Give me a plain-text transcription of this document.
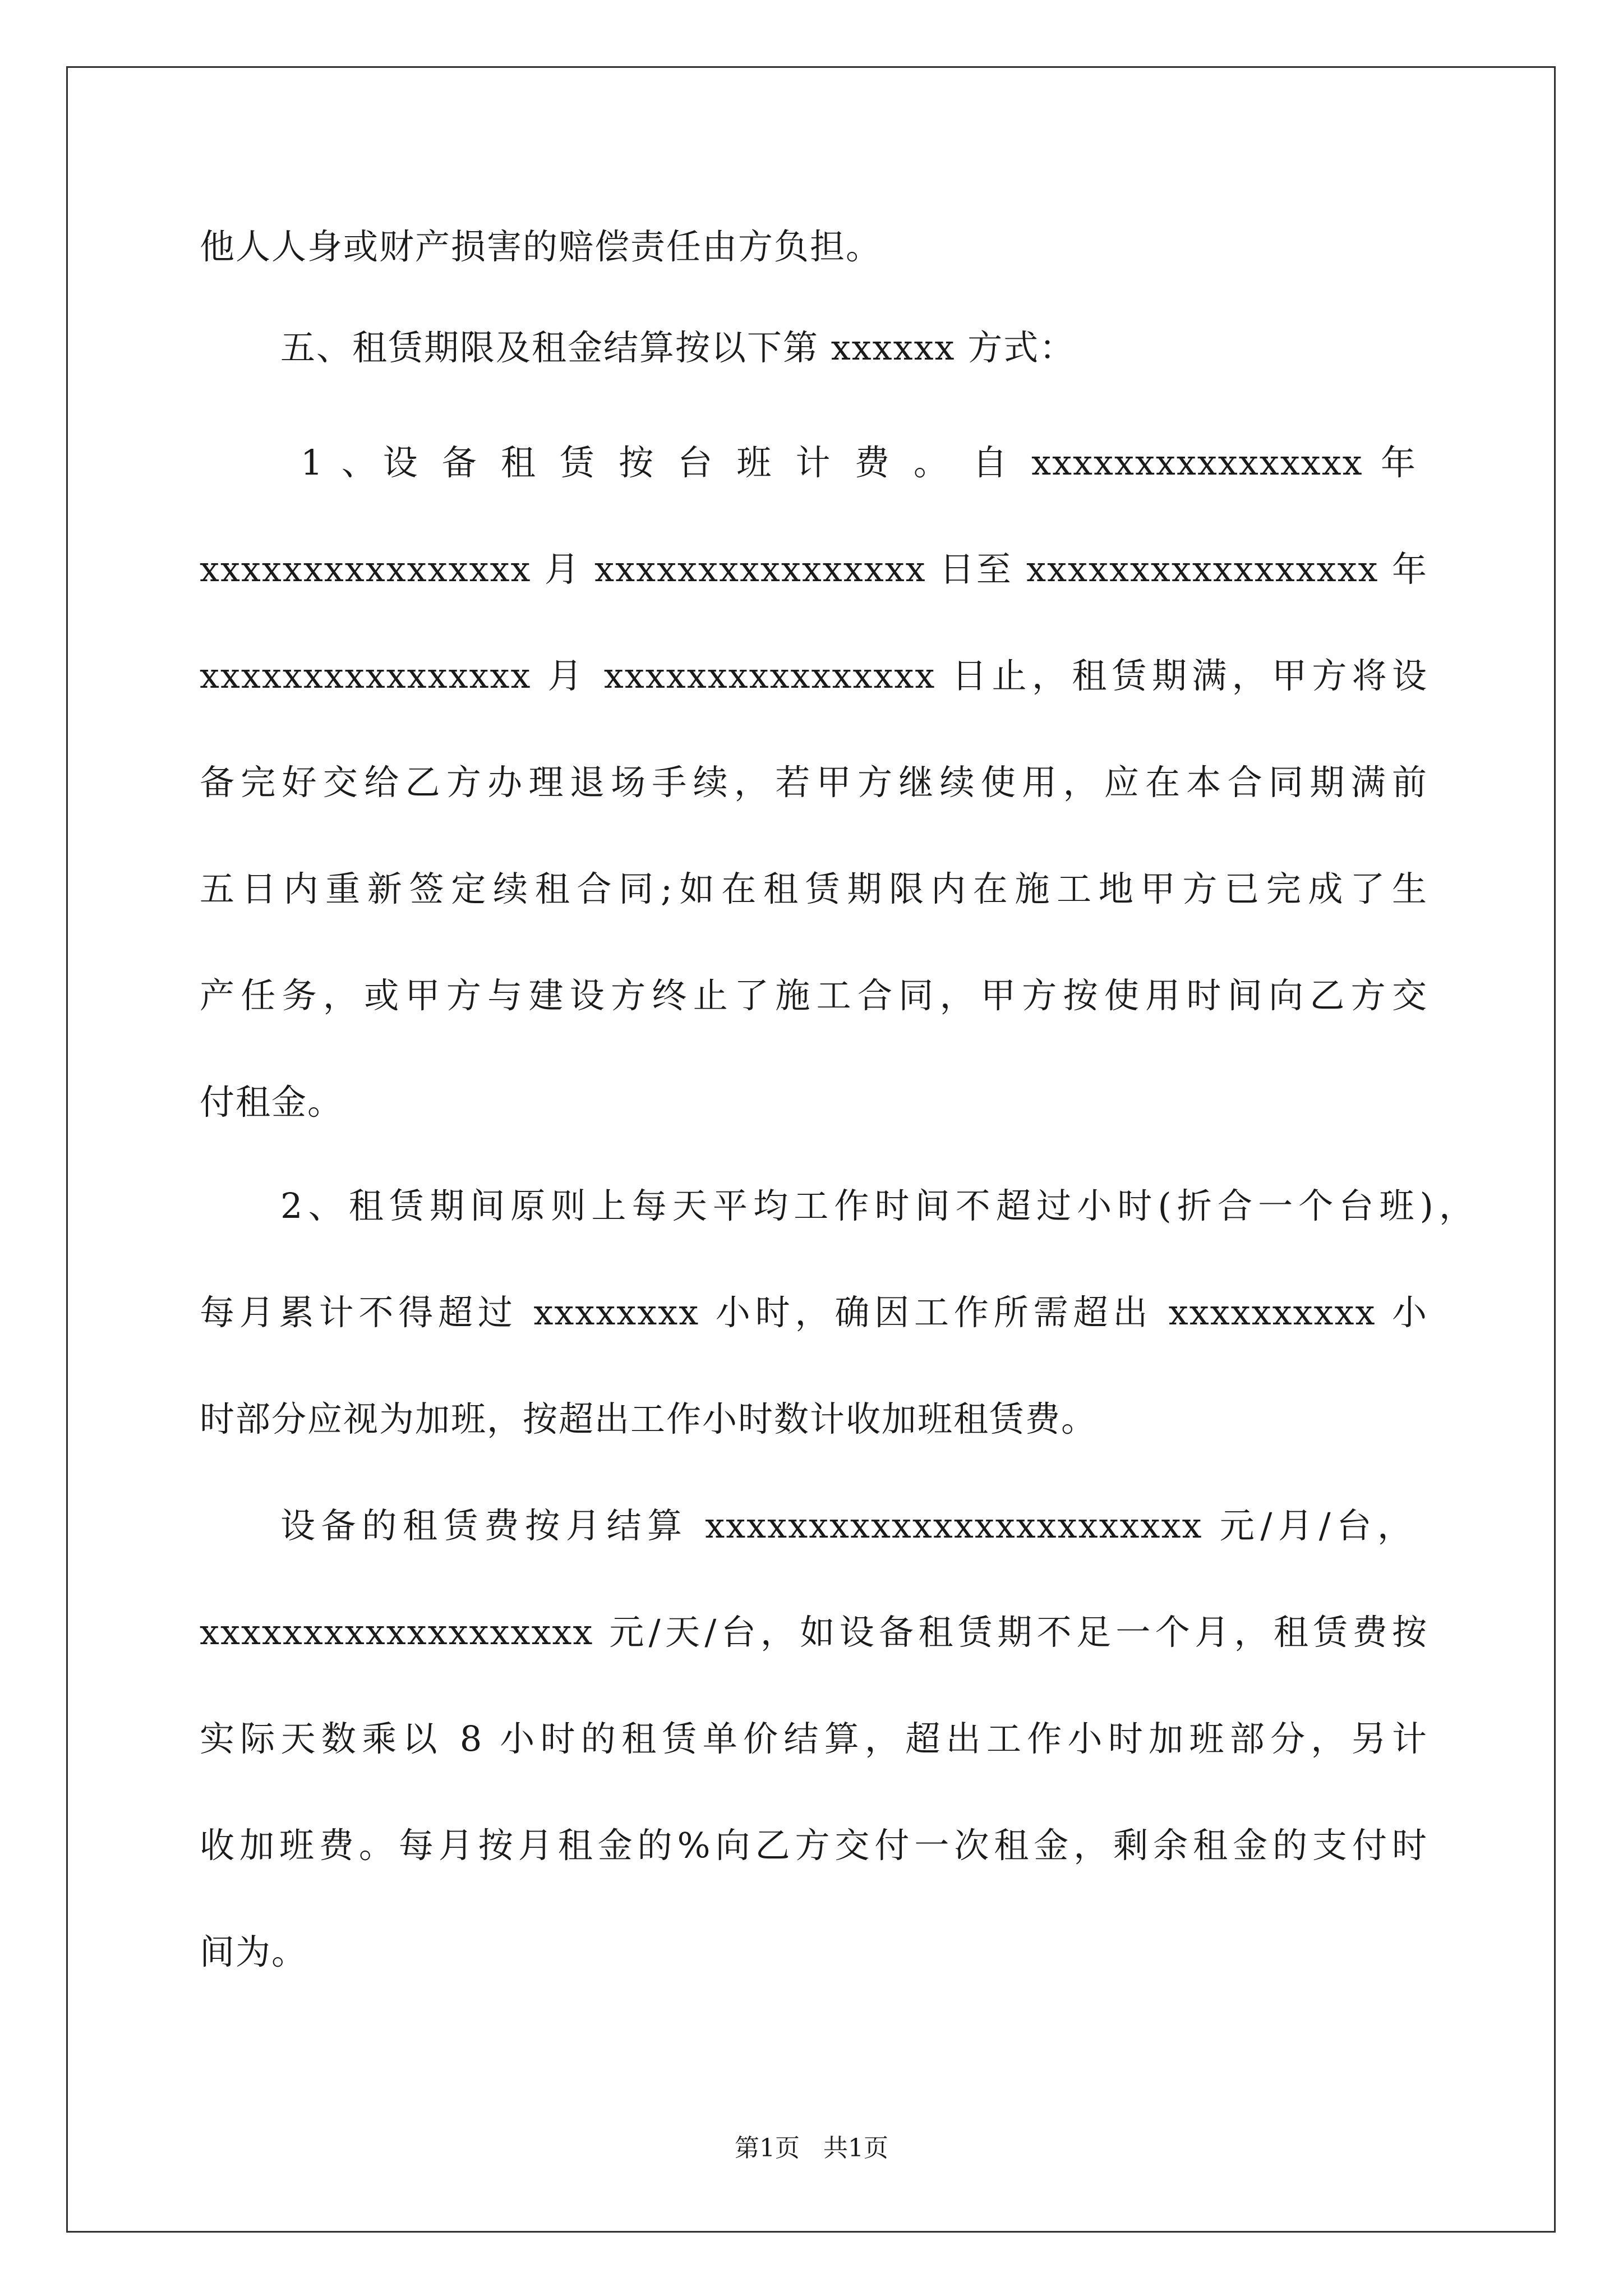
他人人身或财产损害的赔偿责任由方负担。
五、租赁期限及租金结算按以下第 xxxxxx 方式：
1 、设 备 租 赁 按 台 班 计 费 。 自 xxxxxxxxxxxxxxxx 年
xxxxxxxxxxxxxxxx 月 xxxxxxxxxxxxxxxx 日至 xxxxxxxxxxxxxxxxx 年
xxxxxxxxxxxxxxxx 月 xxxxxxxxxxxxxxxx 日止，租赁期满，甲方将设
备完好交给乙方办理退场手续，若甲方继续使用，应在本合同期满前
五日内重新签定续租合同;如在租赁期限内在施工地甲方已完成了生
产任务，或甲方与建设方终止了施工合同，甲方按使用时间向乙方交
付租金。
2、租赁期间原则上每天平均工作时间不超过小时(折合一个台班)，
每月累计不得超过 xxxxxxxx 小时，确因工作所需超出 xxxxxxxxxx 小
时部分应视为加班，按超出工作小时数计收加班租赁费。
设备的租赁费按月结算 xxxxxxxxxxxxxxxxxxxxxxxx 元/月/台，
xxxxxxxxxxxxxxxxxxx 元/天/台，如设备租赁期不足一个月，租赁费按
实际天数乘以 8 小时的租赁单价结算，超出工作小时加班部分，另计
收加班费。每月按月租金的%向乙方交付一次租金，剩余租金的支付时
间为。
第1页   共1页
